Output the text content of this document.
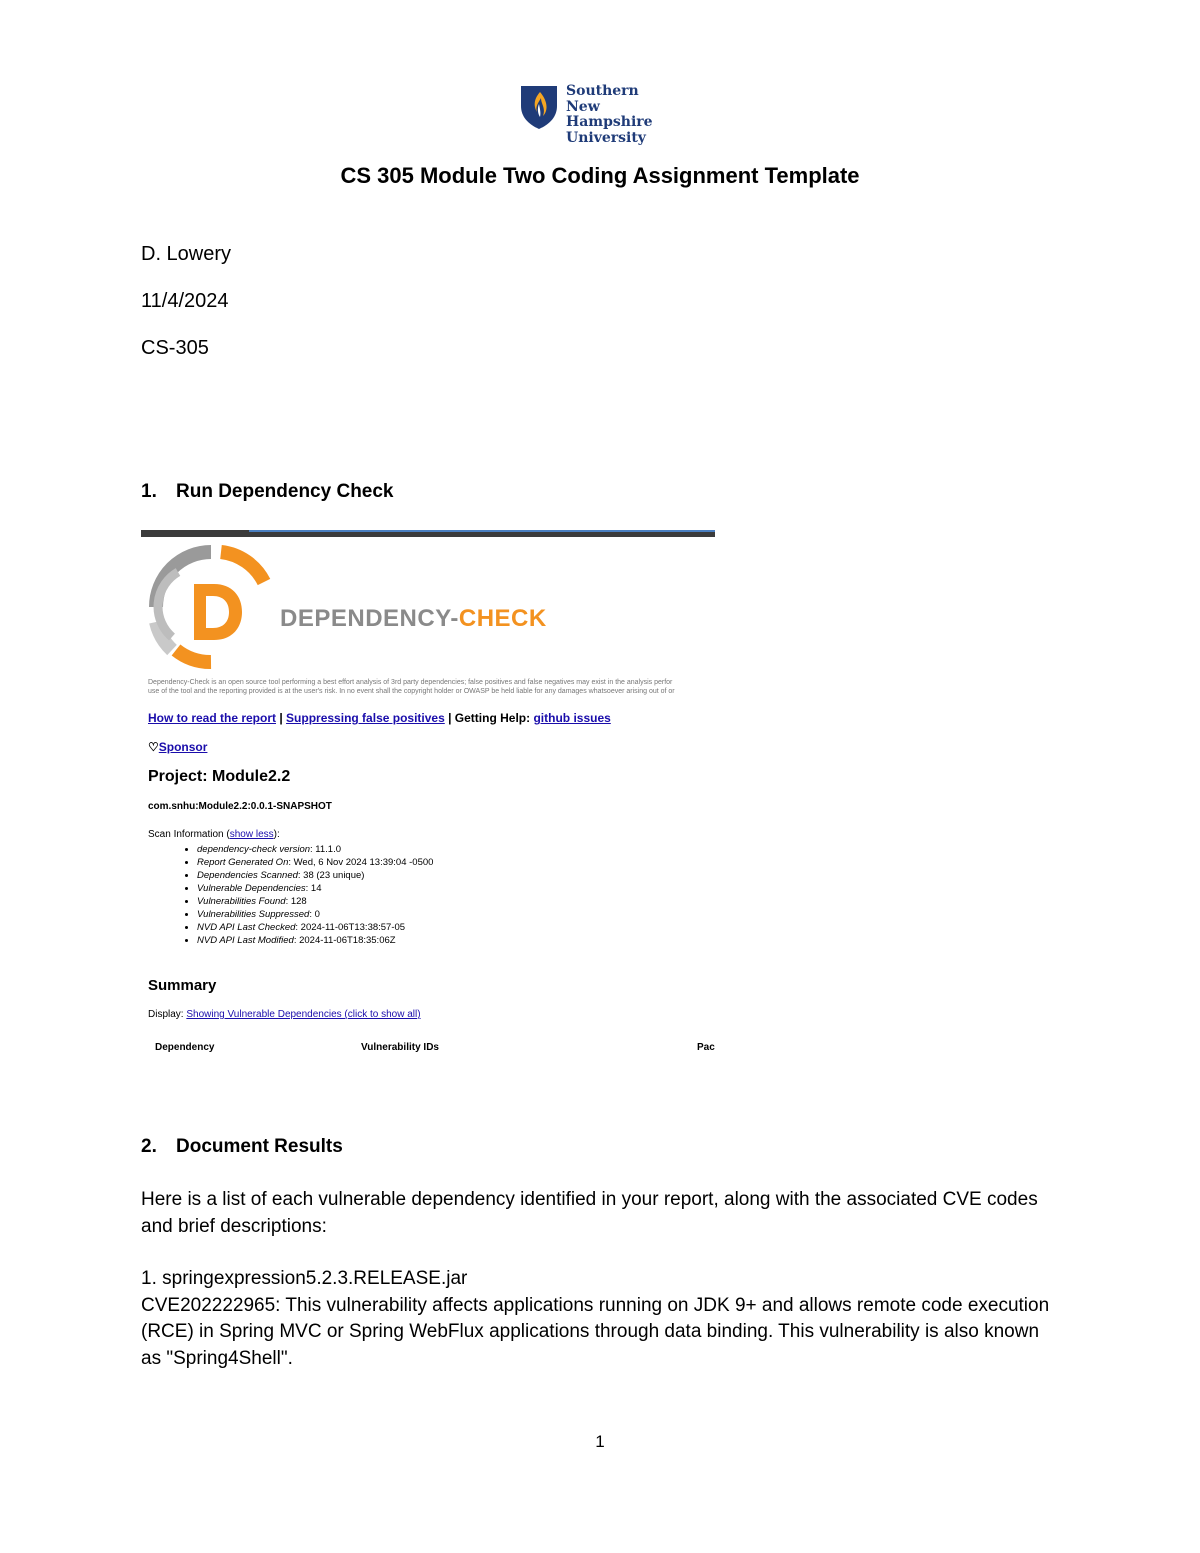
Southern
New Hampshire
University
CS 305 Module Two Coding Assignment Template
D. Lowery
11/4/2024
CS-305
1. Run Dependency Check
DEPENDENCY-CHECK
Dependency-Check is an open source tool performing a best effort analysis of 3rd party dependencies; false positives and false negatives may exist in the analysis perfor
use of the tool and the reporting provided is at the user's risk. In no event shall the copyright holder or OWASP be held liable for any damages whatsoever arising out of or
How to read the report | Suppressing false positives | Getting Help: github issues
♡Sponsor
Project: Module2.2
com.snhu:Module2.2:0.0.1-SNAPSHOT
Scan Information (show less):
• dependency-check version: 11.1.0
• Report Generated On: Wed, 6 Nov 2024 13:39:04 -0500
• Dependencies Scanned: 38 (23 unique)
• Vulnerable Dependencies: 14
• Vulnerabilities Found: 128
• Vulnerabilities Suppressed: 0
• NVD API Last Checked: 2024-11-06T13:38:57-05
• NVD API Last Modified: 2024-11-06T18:35:06Z
Summary
Display: Showing Vulnerable Dependencies (click to show all)
Dependency	Vulnerability IDs	Pac
2. Document Results
Here is a list of each vulnerable dependency identified in your report, along with the associated CVE codes and brief descriptions:
1. springexpression5.2.3.RELEASE.jar
CVE202222965: This vulnerability affects applications running on JDK 9+ and allows remote code execution (RCE) in Spring MVC or Spring WebFlux applications through data binding. This vulnerability is also known as "Spring4Shell".
1
